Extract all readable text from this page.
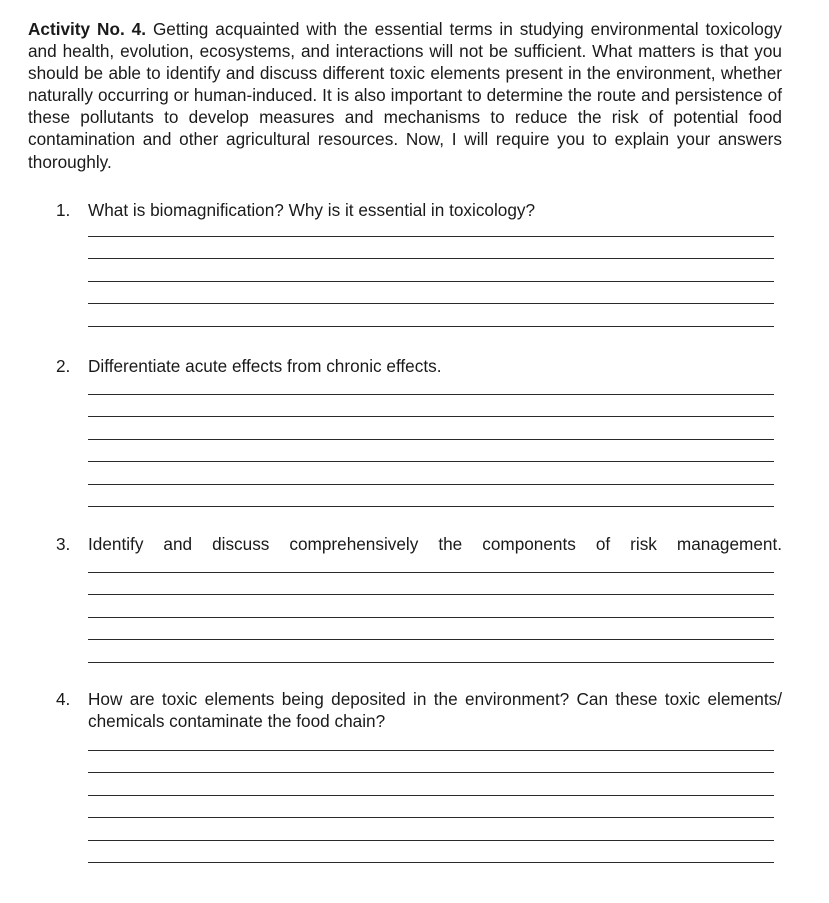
Activity No. 4. Getting acquainted with the essential terms in studying environmental toxicology and health, evolution, ecosystems, and interactions will not be sufficient. What matters is that you should be able to identify and discuss different toxic elements present in the environment, whether naturally occurring or human-induced. It is also important to determine the route and persistence of these pollutants to develop measures and mechanisms to reduce the risk of potential food contamination and other agricultural resources. Now, I will require you to explain your answers thoroughly.

1.	What is biomagnification? Why is it essential in toxicology?
2.	Differentiate acute effects from chronic effects.
3.	Identify and discuss comprehensively the components of risk management.
4.	How are toxic elements being deposited in the environment? Can these toxic elements/ chemicals contaminate the food chain?
